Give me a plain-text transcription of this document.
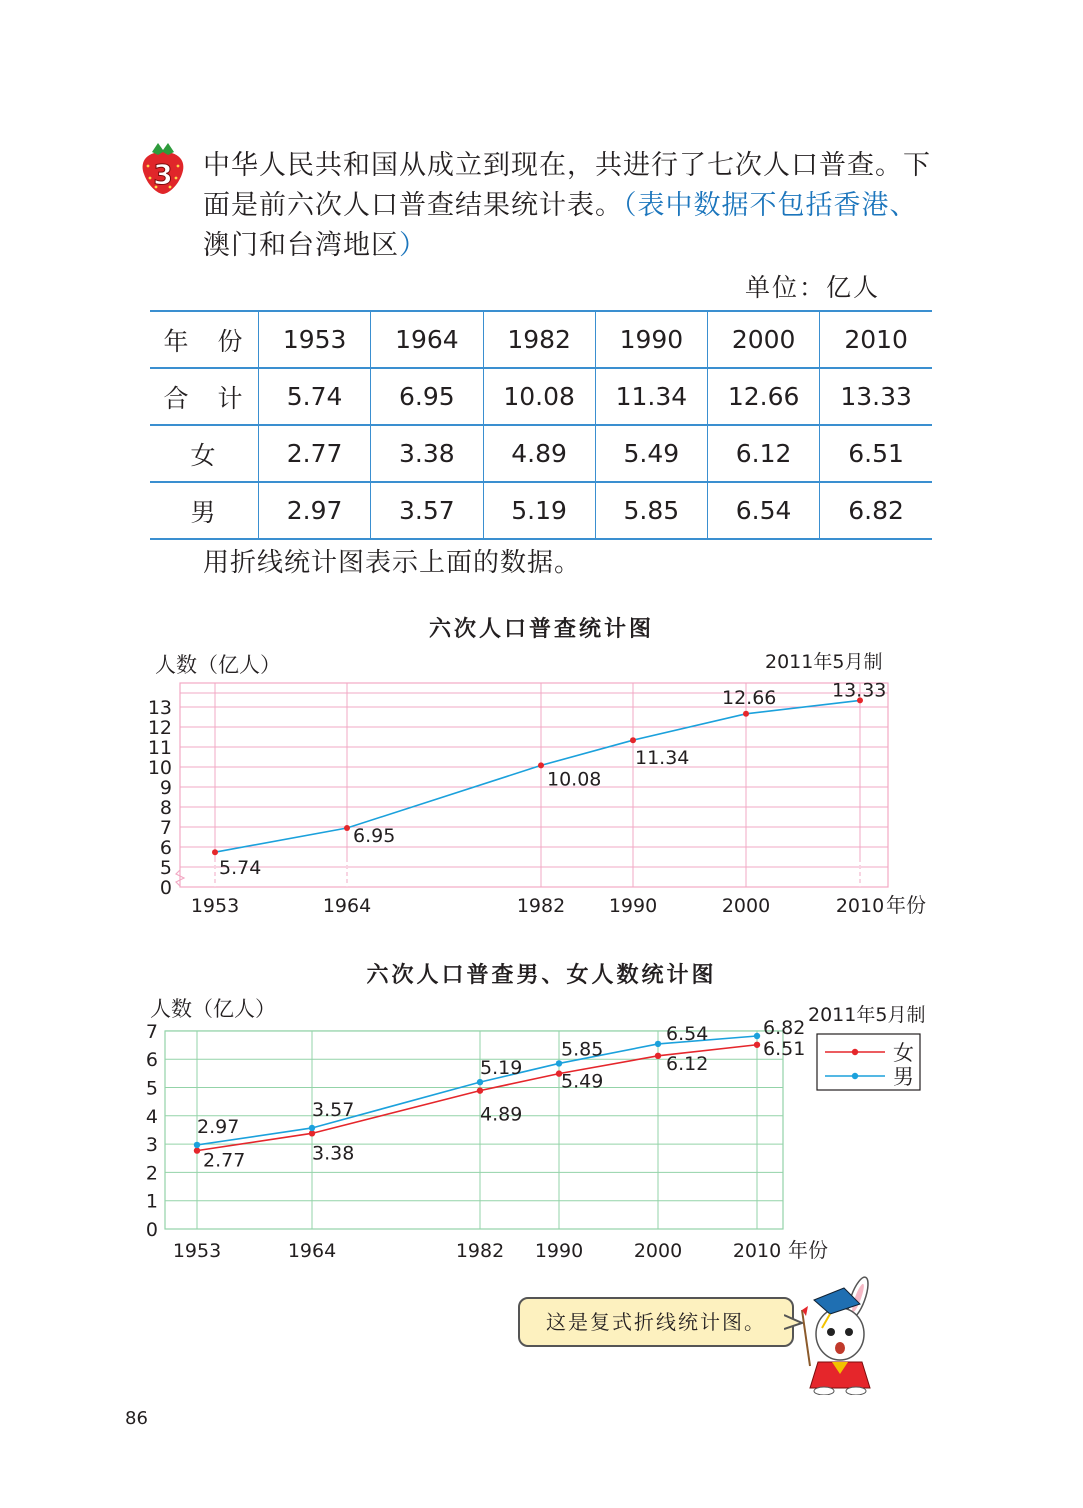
3 中华人民共和国从成立到现在，共进行了七次人口普查。下
面是前六次人口普查结果统计表。（表中数据不包括香港、
澳门和台湾地区）
单位：亿人
年　份	1953	1964	1982	1990	2000	2010
合　计	5.74	6.95	10.08	11.34	12.66	13.33
女	2.77	3.38	4.89	5.49	6.12	6.51
男	2.97	3.57	5.19	5.85	6.54	6.82
用折线统计图表示上面的数据。
六次人口普查统计图
0
5
6
7
8
9
10
11
12
13
1953	1964	1982 1990	2000	2010 年份
人数（亿人）	2011年5月制
5.74
6.95
10.08
11.34
12.66	13.33
六次人口普查男、女人数统计图
0
1
2
3
4
5
6
7
1953	1964	1982 1990	2000	2010 年份
人数（亿人）	2011年5月制
2.77	3.38
4.89
5.49
6.12
6.51
2.97
3.57
5.19
5.85
6.54	6.82
女
男
这是复式折线统计图。
86
